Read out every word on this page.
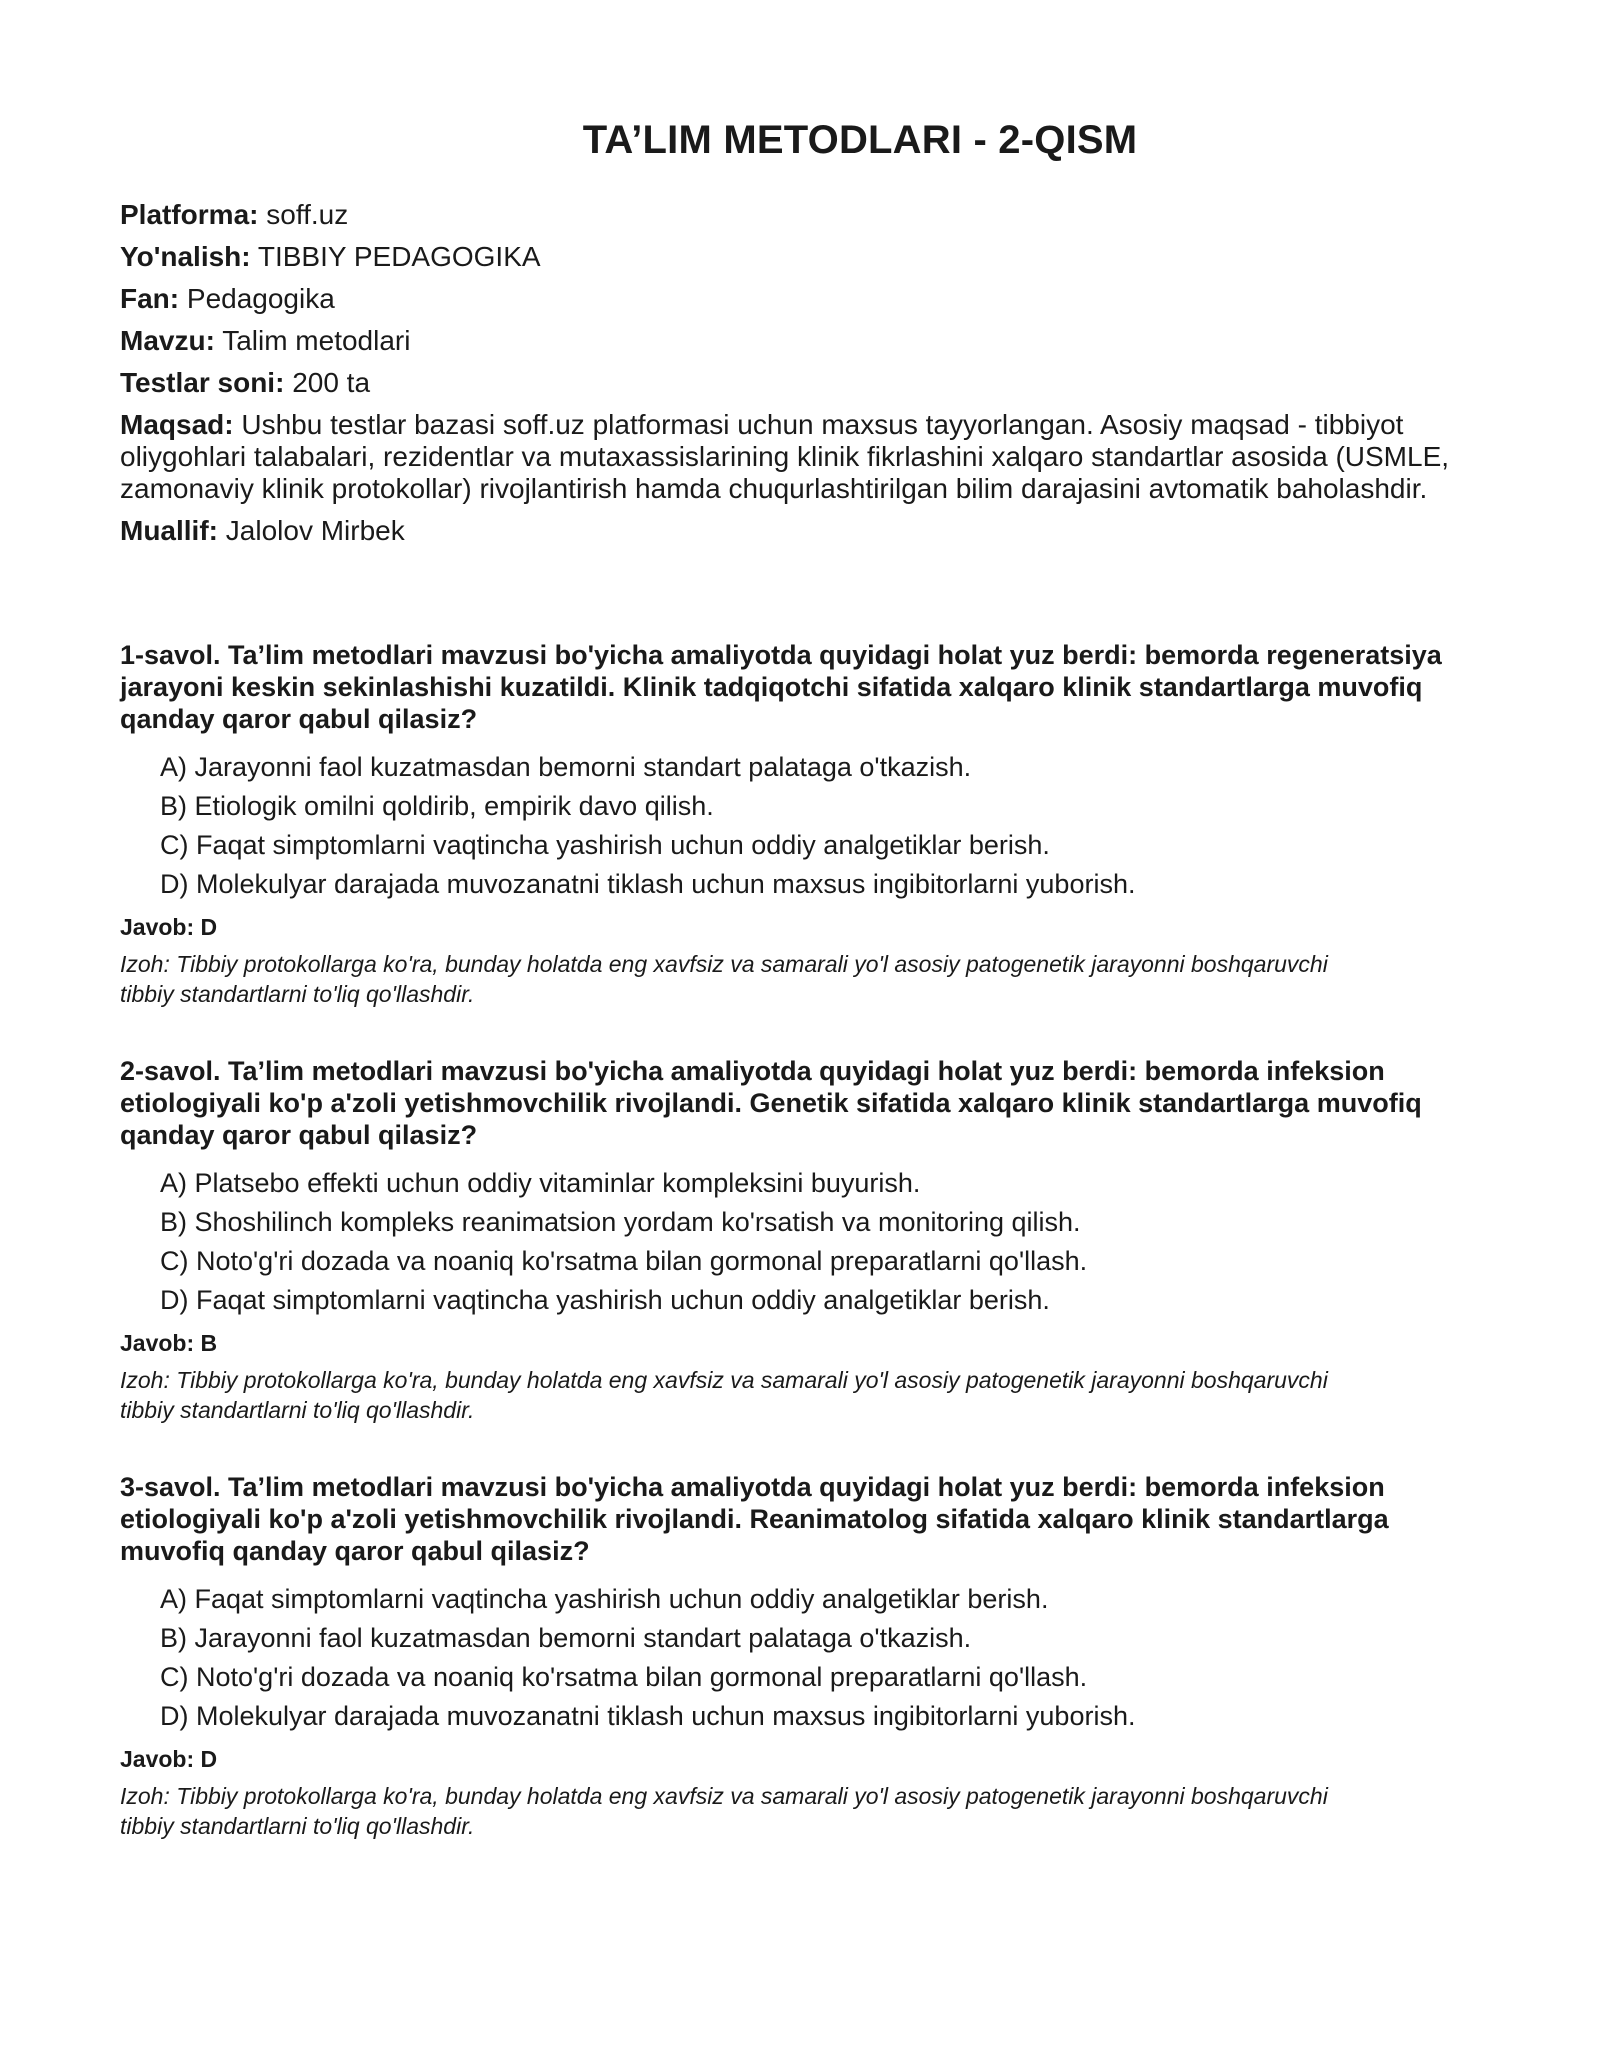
TA’LIM METODLARI - 2-QISM

Platforma: soff.uz

Yo'nalish: TIBBIY PEDAGOGIKA

Fan: Pedagogika

Mavzu: Talim metodlari

Testlar soni: 200 ta

Maqsad: Ushbu testlar bazasi soff.uz platformasi uchun maxsus tayyorlangan. Asosiy maqsad - tibbiyot oliygohlari talabalari, rezidentlar va mutaxassislarining klinik fikrlashini xalqaro standartlar asosida (USMLE, zamonaviy klinik protokollar) rivojlantirish hamda chuqurlashtirilgan bilim darajasini avtomatik baholashdir.

Muallif: Jalolov Mirbek

1-savol. Ta’lim metodlari mavzusi bo'yicha amaliyotda quyidagi holat yuz berdi: bemorda regeneratsiya jarayoni keskin sekinlashishi kuzatildi. Klinik tadqiqotchi sifatida xalqaro klinik standartlarga muvofiq qanday qaror qabul qilasiz?

A) Jarayonni faol kuzatmasdan bemorni standart palataga o'tkazish.
B) Etiologik omilni qoldirib, empirik davo qilish.
C) Faqat simptomlarni vaqtincha yashirish uchun oddiy analgetiklar berish.
D) Molekulyar darajada muvozanatni tiklash uchun maxsus ingibitorlarni yuborish.

Javob: D

Izoh: Tibbiy protokollarga ko'ra, bunday holatda eng xavfsiz va samarali yo'l asosiy patogenetik jarayonni boshqaruvchi tibbiy standartlarni to'liq qo'llashdir.

2-savol. Ta’lim metodlari mavzusi bo'yicha amaliyotda quyidagi holat yuz berdi: bemorda infeksion etiologiyali ko'p a'zoli yetishmovchilik rivojlandi. Genetik sifatida xalqaro klinik standartlarga muvofiq qanday qaror qabul qilasiz?

A) Platsebo effekti uchun oddiy vitaminlar kompleksini buyurish.
B) Shoshilinch kompleks reanimatsion yordam ko'rsatish va monitoring qilish.
C) Noto'g'ri dozada va noaniq ko'rsatma bilan gormonal preparatlarni qo'llash.
D) Faqat simptomlarni vaqtincha yashirish uchun oddiy analgetiklar berish.

Javob: B

Izoh: Tibbiy protokollarga ko'ra, bunday holatda eng xavfsiz va samarali yo'l asosiy patogenetik jarayonni boshqaruvchi tibbiy standartlarni to'liq qo'llashdir.

3-savol. Ta’lim metodlari mavzusi bo'yicha amaliyotda quyidagi holat yuz berdi: bemorda infeksion etiologiyali ko'p a'zoli yetishmovchilik rivojlandi. Reanimatolog sifatida xalqaro klinik standartlarga muvofiq qanday qaror qabul qilasiz?

A) Faqat simptomlarni vaqtincha yashirish uchun oddiy analgetiklar berish.
B) Jarayonni faol kuzatmasdan bemorni standart palataga o'tkazish.
C) Noto'g'ri dozada va noaniq ko'rsatma bilan gormonal preparatlarni qo'llash.
D) Molekulyar darajada muvozanatni tiklash uchun maxsus ingibitorlarni yuborish.

Javob: D

Izoh: Tibbiy protokollarga ko'ra, bunday holatda eng xavfsiz va samarali yo'l asosiy patogenetik jarayonni boshqaruvchi tibbiy standartlarni to'liq qo'llashdir.
